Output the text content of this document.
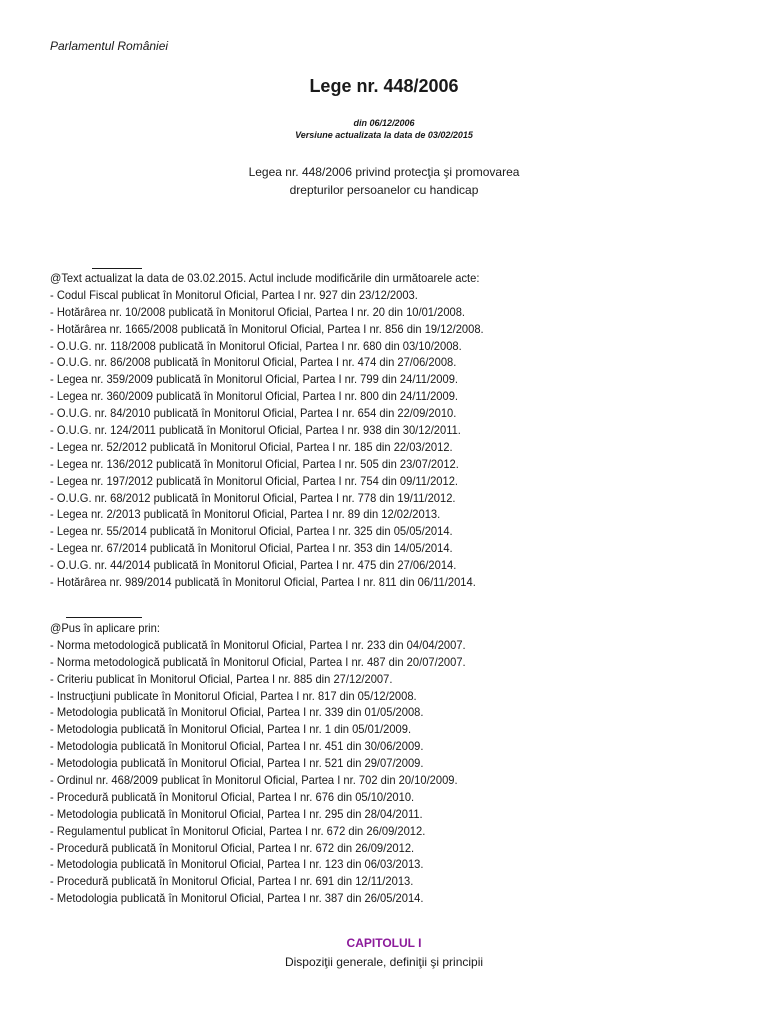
Parlamentul României
Lege nr. 448/2006
din 06/12/2006
Versiune actualizata la data de 03/02/2015
Legea nr. 448/2006 privind protecţia şi promovarea
drepturilor persoanelor cu handicap
@Text actualizat la data de 03.02.2015. Actul include modificările din următoarele acte:
- Codul Fiscal publicat în Monitorul Oficial, Partea I nr. 927 din 23/12/2003.
- Hotărârea nr. 10/2008 publicată în Monitorul Oficial, Partea I nr. 20 din 10/01/2008.
- Hotărârea nr. 1665/2008 publicată în Monitorul Oficial, Partea I nr. 856 din 19/12/2008.
- O.U.G. nr. 118/2008 publicată în Monitorul Oficial, Partea I nr. 680 din 03/10/2008.
- O.U.G. nr. 86/2008 publicată în Monitorul Oficial, Partea I nr. 474 din 27/06/2008.
- Legea nr. 359/2009 publicată în Monitorul Oficial, Partea I nr. 799 din 24/11/2009.
- Legea nr. 360/2009 publicată în Monitorul Oficial, Partea I nr. 800 din 24/11/2009.
- O.U.G. nr. 84/2010 publicată în Monitorul Oficial, Partea I nr. 654 din 22/09/2010.
- O.U.G. nr. 124/2011 publicată în Monitorul Oficial, Partea I nr. 938 din 30/12/2011.
- Legea nr. 52/2012 publicată în Monitorul Oficial, Partea I nr. 185 din 22/03/2012.
- Legea nr. 136/2012 publicată în Monitorul Oficial, Partea I nr. 505 din 23/07/2012.
- Legea nr. 197/2012 publicată în Monitorul Oficial, Partea I nr. 754 din 09/11/2012.
- O.U.G. nr. 68/2012 publicată în Monitorul Oficial, Partea I nr. 778 din 19/11/2012.
- Legea nr. 2/2013 publicată în Monitorul Oficial, Partea I nr. 89 din 12/02/2013.
- Legea nr. 55/2014 publicată în Monitorul Oficial, Partea I nr. 325 din 05/05/2014.
- Legea nr. 67/2014 publicată în Monitorul Oficial, Partea I nr. 353 din 14/05/2014.
- O.U.G. nr. 44/2014 publicată în Monitorul Oficial, Partea I nr. 475 din 27/06/2014.
- Hotărârea nr. 989/2014 publicată în Monitorul Oficial, Partea I nr. 811 din 06/11/2014.
@Pus în aplicare prin:
- Norma metodologică publicată în Monitorul Oficial, Partea I nr. 233 din 04/04/2007.
- Norma metodologică publicată în Monitorul Oficial, Partea I nr. 487 din 20/07/2007.
- Criteriu publicat în Monitorul Oficial, Partea I nr. 885 din 27/12/2007.
- Instrucţiuni publicate în Monitorul Oficial, Partea I nr. 817 din 05/12/2008.
- Metodologia publicată în Monitorul Oficial, Partea I nr. 339 din 01/05/2008.
- Metodologia publicată în Monitorul Oficial, Partea I nr. 1 din 05/01/2009.
- Metodologia publicată în Monitorul Oficial, Partea I nr. 451 din 30/06/2009.
- Metodologia publicată în Monitorul Oficial, Partea I nr. 521 din 29/07/2009.
- Ordinul nr. 468/2009 publicat în Monitorul Oficial, Partea I nr. 702 din 20/10/2009.
- Procedură publicată în Monitorul Oficial, Partea I nr. 676 din 05/10/2010.
- Metodologia publicată în Monitorul Oficial, Partea I nr. 295 din 28/04/2011.
- Regulamentul publicat în Monitorul Oficial, Partea I nr. 672 din 26/09/2012.
- Procedură publicată în Monitorul Oficial, Partea I nr. 672 din 26/09/2012.
- Metodologia publicată în Monitorul Oficial, Partea I nr. 123 din 06/03/2013.
- Procedură publicată în Monitorul Oficial, Partea I nr. 691 din 12/11/2013.
- Metodologia publicată în Monitorul Oficial, Partea I nr. 387 din 26/05/2014.
CAPITOLUL I
Dispoziţii generale, definiţii şi principii
